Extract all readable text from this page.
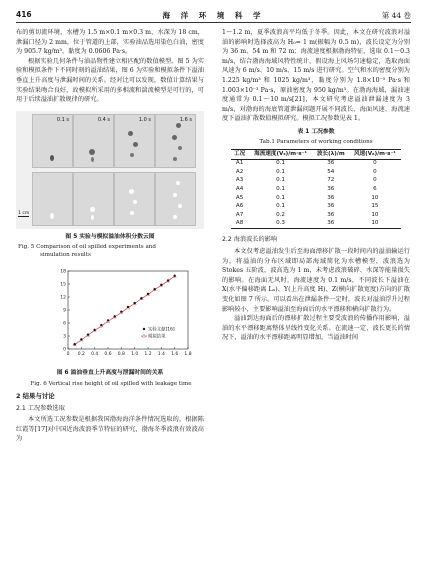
416	海 洋 环 境 科 学	第 44 卷

布的剪切流环境，水槽为 1.5 m×0.1 m×0.3 m，水深为 18 cm，泄漏口径为 2 mm，位于管道的上部，实验油品选用染色白油，密度为 905.7 kg/m³，黏度为 0.0606 Pa·s。

根据实验几何条件与油品物性建立相匹配的数值模型。图 5 为实验和模拟条件下不同时刻的溢油结果，图 6 为实验和模拟条件下溢油垂直上升高度与泄漏时间的关系。经对比可以发现，数值计算结果与实验结果吻合良好，故模拟所采用的多相流和湍流模型是可行的，可用于后续溢油扩散规律的研究。

0.1 s	0.4 s	1.0 s	1.6 s
1 cm

图 5 实验与模拟溢油体积分数云图

Fig. 5 Comparison of oil spilled experiments and
simulation results

0 0.2 0.4 0.6 0.8 1.0 1.2 1.4 1.6 1.8
0
3
6
9
12
15
18
实验文献[16]
模拟结果

图 6 溢油垂直上升高度与泄漏时间的关系

Fig. 6 Vertical rise height of oil spilled with leakage time

2 结果与讨论

2.1 工况参数选取

本文所选工况参数是根据我国渤海海洋条件情况选取的，根据陈红霞等[17]对中国近海波浪季节特征的研究，渤海冬季波浪有效波高为

1～1.2 m，夏季波浪高平均低于冬季。因此，本文在研究波浪对溢油的影响时选择波高为 H₀= 1 m(振幅为 0.5 m)，波长设定为分别为 36 m、54 m 和 72 m；海流速度根据渤海特征，选取 0.1～0.3 m/s，结合渤海海域风特性统计，假设海上风场匀速稳定，选取海面风速为 6 m/s、10 m/s、15 m/s 进行研究。空气和水的密度分别为 1.225 kg/m³ 和 1025 kg/m³，黏度分别为 1.8×10⁻⁵ Pa·s 和 1.003×10⁻³ Pa·s，原油密度为 950 kg/m³。在渤海海域，漏油速度通常为 0.1～10 m/s[21]，本文研究考虑溢油泄漏速度为 3 m/s，对渤海的海底管道泄漏问题开展不同波长、海面风速、海流速度下溢油扩散数值模拟研究。模拟工况参数见表 1。

表 1 工况参数

Tab.1 Parameters of working conditions

工况	海流速度(Vₓ)/m·s⁻¹	波长(λ)/m	风速(Vₐ)/m·s⁻¹
A1	0.1	36	0
A2	0.1	54	0
A3	0.1	72	0
A4	0.1	36	6
A5	0.1	36	10
A6	0.1	36	15
A7	0.2	36	10
A8	0.3	36	10

2.2 海浪波长的影响

本文仅考虑溢油发生后至海面漂移扩散一段时间内的溢油输运行为，将溢油的分布区域即局部海域简化为水槽模型，波浪选为 Stokes 五阶波，波高选为 1 m，未考虑波浪破碎、水深等能量损失的影响。在海面无风时，海流速度为 0.1 m/s，不同波长下溢油在 X(水平偏移距离 Lₓ)、Y(上升高度 H)、Z(横向扩散宽度)方向的扩散变化如图 7 所示。可以看出在泄漏条件一定时，波长对溢油浮升过程影响较小，主要影响溢油至海面后的水平漂移和横向扩散行为。

溢油到达海面后的漂移扩散过程主要受波浪的传播作用影响，溢油的水平漂移距离整体呈线性变化关系。在流速一定、波长更长的情况下，溢油的水平漂移距离明显增加，当溢油时间
